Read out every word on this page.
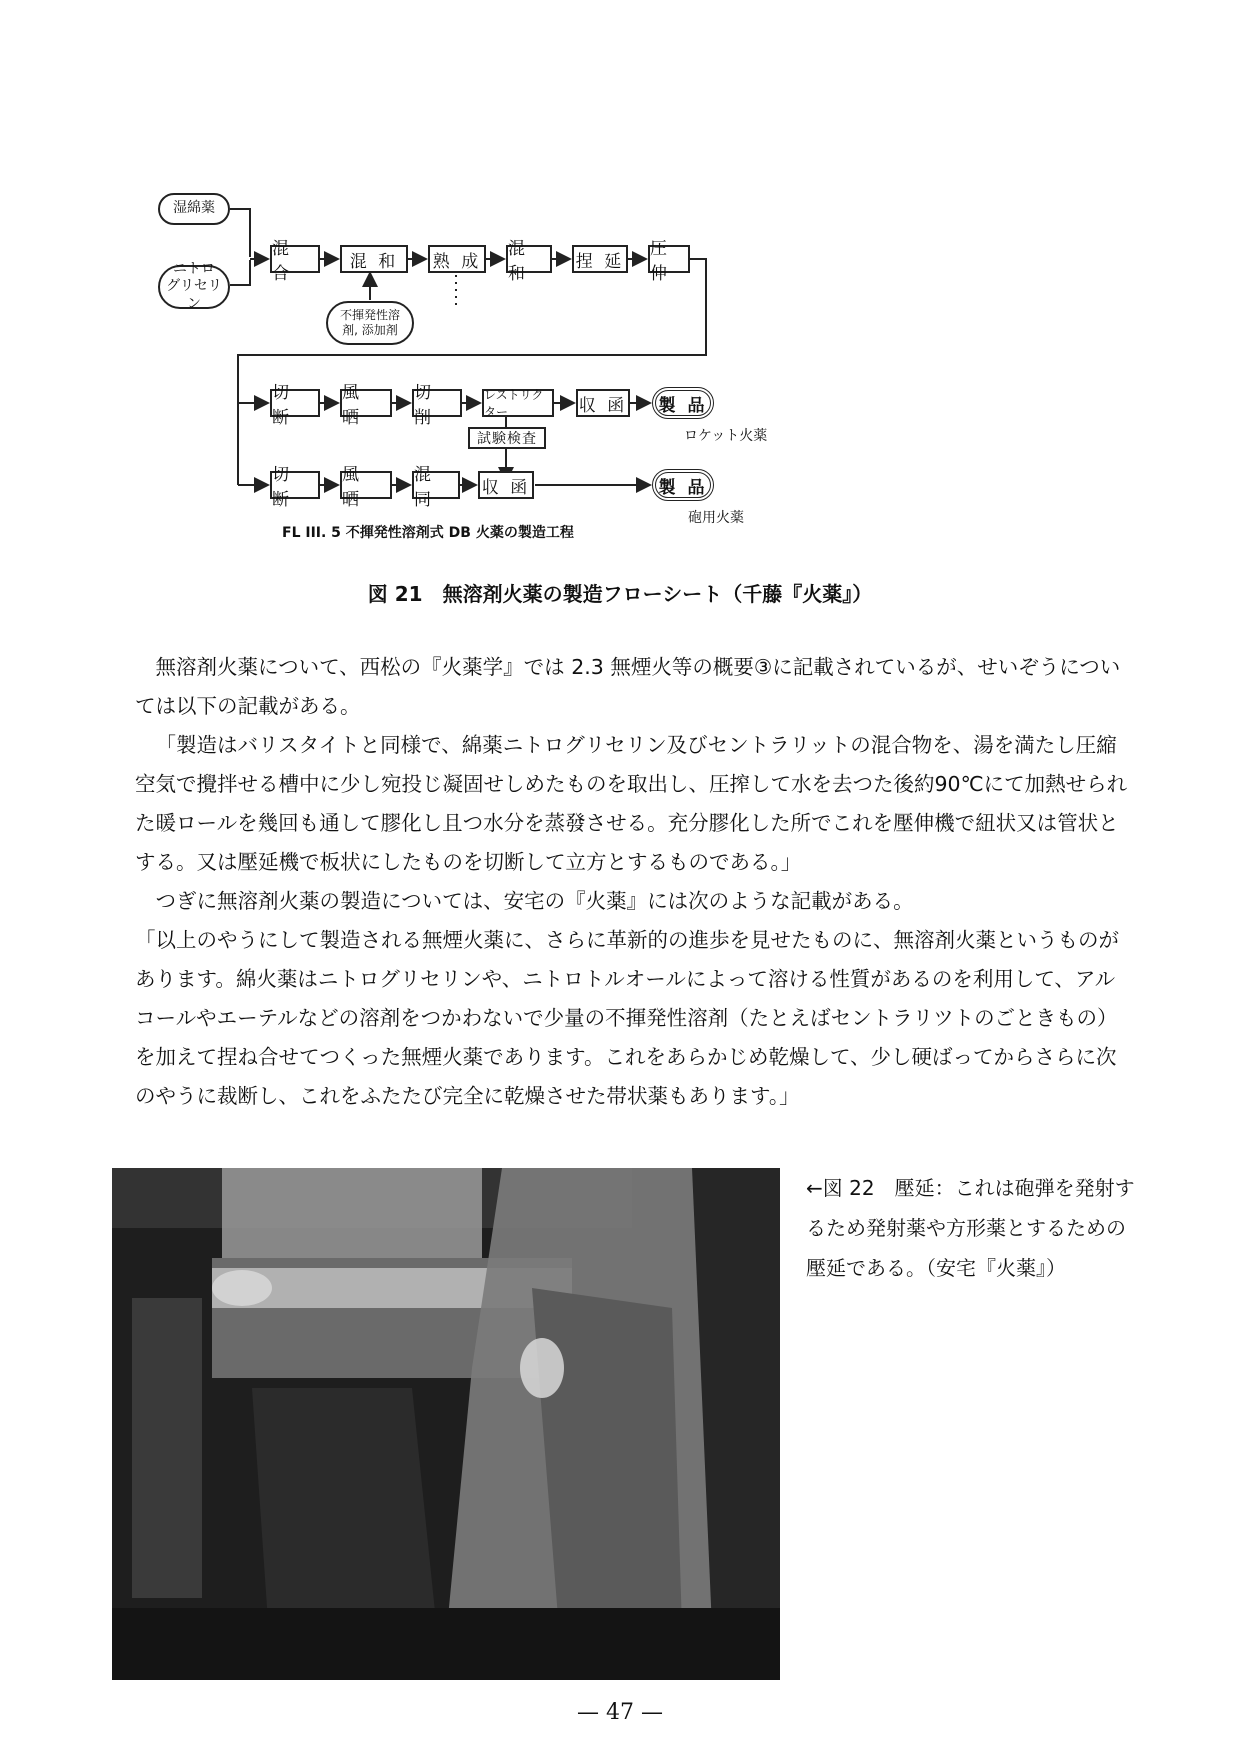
湿綿薬
ニトロ
グリセリン
混 合
混 和	熟 成
混 和
捏 延
圧 伸
不揮発性溶
剤, 添加剤
切 断
風 晒
切 削
レストリクター	収 函	製 品
ロケット火薬
試験検査
切 断
風 晒
混 同
収 函	製 品
砲用火薬
FL III. 5 不揮発性溶剤式 DB 火薬の製造工程
図 21　無溶剤火薬の製造フローシート（千藤『火薬』）

無溶剤火薬について、西松の『火薬学』では 2.3 無煙火等の概要③に記載されているが、せいぞうについては以下の記載がある。

「製造はバリスタイトと同様で、綿薬ニトログリセリン及びセントラリットの混合物を、湯を満たし圧縮空気で攪拌せる槽中に少し宛投じ凝固せしめたものを取出し、圧搾して水を去つた後約90℃にて加熱せられた暖ロールを幾回も通して膠化し且つ水分を蒸發させる。充分膠化した所でこれを壓伸機で紐状又は管状とする。又は壓延機で板状にしたものを切断して立方とするものである。」

つぎに無溶剤火薬の製造については、安宅の『火薬』には次のような記載がある。

「以上のやうにして製造される無煙火薬に、さらに革新的の進歩を見せたものに、無溶剤火薬というものがあります。綿火薬はニトログリセリンや、ニトロトルオールによって溶ける性質があるのを利用して、アルコールやエーテルなどの溶剤をつかわないで少量の不揮発性溶剤（たとえばセントラリツトのごときもの）を加えて捏ね合せてつくった無煙火薬であります。これをあらかじめ乾燥して、少し硬ばってからさらに次のやうに裁断し、これをふたたび完全に乾燥させた帯状薬もあります。」

←図 22　壓延：これは砲弾を発射するため発射薬や方形薬とするための壓延である。（安宅『火薬』）
— 47 —
